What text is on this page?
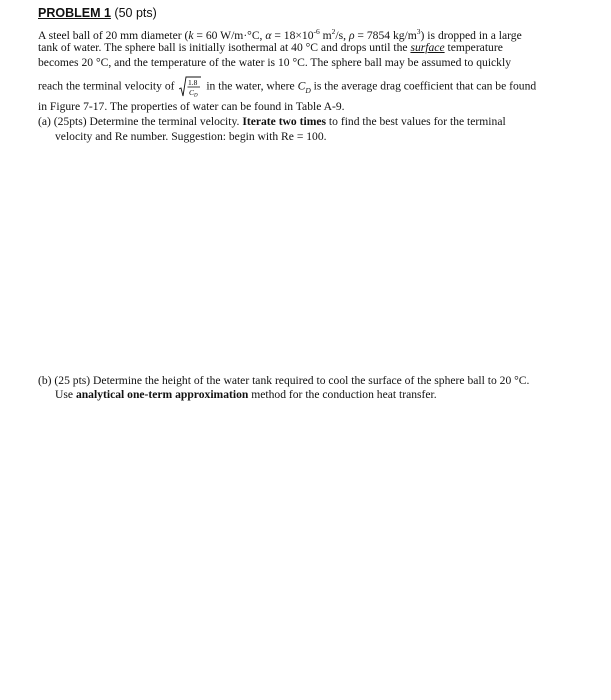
PROBLEM 1 (50 pts)
A steel ball of 20 mm diameter (k = 60 W/m·°C, $\alpha = 18\times 10^{-6}$ $m^2/s$, ρ = 7854 $kg/m^3$) is dropped in a large
tank of water. The sphere ball is initially isothermal at 40 °C and drops until the surface temperature
becomes 20 °C, and the temperature of the water is 10 °C. The sphere ball may be assumed to quickly
reach the terminal velocity of 1.8
C D
in the water, where $C_D$ is the average drag coefficient that can be found
in Figure 7-17. The properties of water can be found in Table A-9.
(a) (25pts) Determine the terminal velocity. Iterate two times to find the best values for the terminal
velocity and Re number. Suggestion: begin with Re = 100.
(b) (25 pts) Determine the height of the water tank required to cool the surface of the sphere ball to 20 °C.
Use analytical one-term approximation method for the conduction heat transfer.
